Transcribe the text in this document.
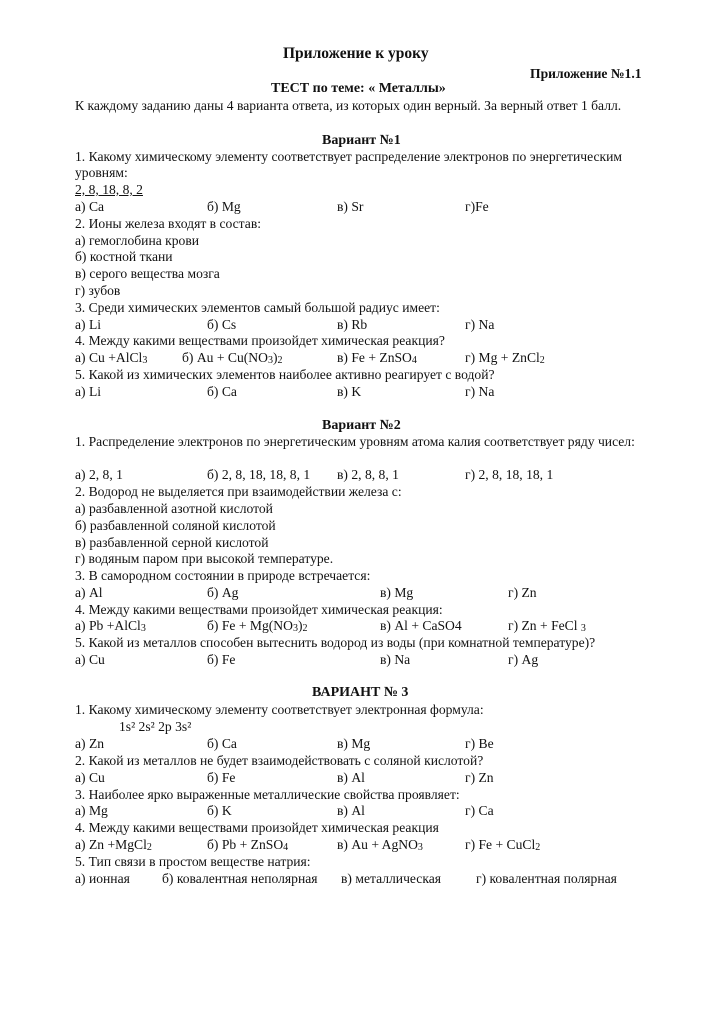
Приложение к уроку
Приложение №1.1
ТЕСТ по теме: « Металлы»
К каждому заданию даны 4 варианта ответа, из которых один верный. За верный ответ 1 балл.
Вариант №1
1. Какому химическому элементу соответствует распределение электронов по энергетическим уровням:
2, 8, 18, 8, 2
а) Ca	б) Mg	в) Sr	г)Fe
2. Ионы железа входят в состав:
а) гемоглобина крови
б) костной ткани
в) серого вещества мозга
г) зубов
3. Среди химических элементов самый большой радиус имеет:
а) Li	б) Cs	в) Rb	г) Na
4. Между какими веществами произойдет химическая реакция?
а) Cu +AlCl$_3$	б) $Au + Cu(NO_3)_2$	в) Fe + ZnSO$_4$	г) Mg + ZnCl$_2$
5. Какой из химических элементов наиболее активно реагирует с водой?
а) Li	б) Ca	в) K	г) Na
Вариант №2
1. Распределение электронов по энергетическим уровням атома калия соответствует ряду чисел:
а) 2, 8, 1	б) 2, 8, 18, 18, 8, 1 в) 2, 8, 8, 1	г) 2, 8, 18, 18, 1
2. Водород не выделяется при взаимодействии железа с:
а) разбавленной азотной кислотой
б) разбавленной соляной кислотой
в) разбавленной серной кислотой
г) водяным паром при высокой температуре.
3. В самородном состоянии в природе встречается:
а) Al	б) Ag	в) Mg	г) Zn
4. Между какими веществами произойдет химическая реакция:
а) Pb +AlCl$_3$	б) $Fe + Mg(NO_3)_2$	в) Al + CaSO4	г) Zn + FeCl $_3$
5. Какой из металлов способен вытеснить водород из воды (при комнатной температуре)?
а) Cu	б) Fe	в) Na	г) Ag
ВАРИАНТ № 3
1. Какому химическому элементу соответствует электронная формула:
1s² 2s² 2p 3s²
а) Zn	б) Ca	в) Mg	г) Be
2. Какой из металлов не будет взаимодействовать с соляной кислотой?
а) Cu	б) Fe	в) Al	г) Zn
3. Наиболее ярко выраженные металлические свойства проявляет:
а) Mg	б) K	в) Al	г) Ca
4. Между какими веществами произойдет химическая реакция
а) Zn +MgCl$_2$	б) Pb + ZnSO$_4$	в) Au + AgNO$_3$	г) Fe + CuCl$_2$
5. Тип связи в простом веществе натрия:
а) ионная б) ковалентная неполярная в) металлическая	г) ковалентная полярная
